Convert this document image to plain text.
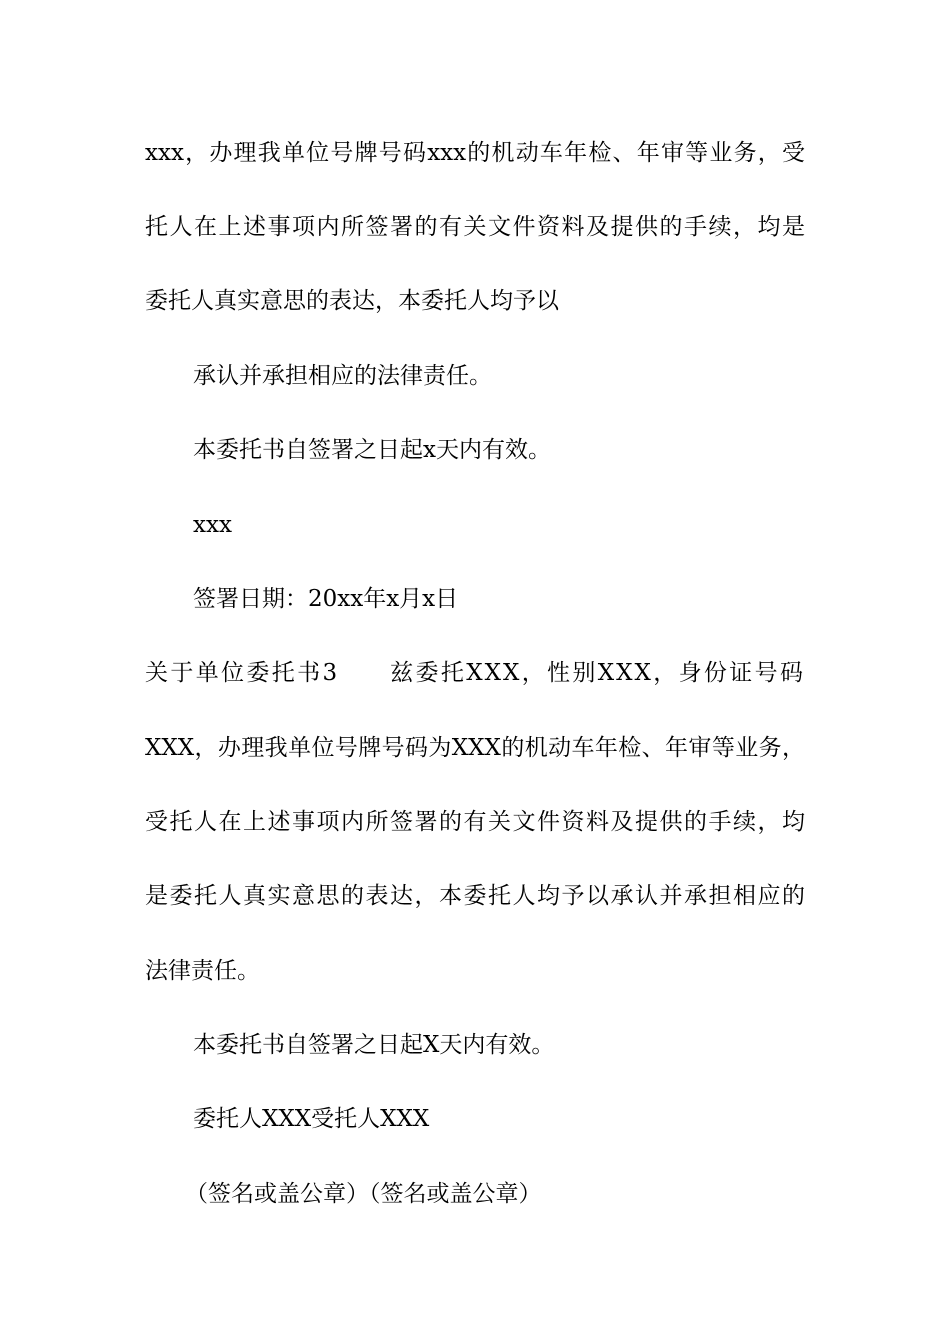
xxx，办理我单位号牌号码xxx的机动车年检、年审等业务，受
托人在上述事项内所签署的有关文件资料及提供的手续，均是
委托人真实意思的表达，本委托人均予以
承认并承担相应的法律责任。
本委托书自签署之日起x天内有效。
xxx
签署日期：20xx年x月x日
关于单位委托书3　　兹委托XXX，性别XXX，身份证号码
XXX，办理我单位号牌号码为XXX的机动车年检、年审等业务，
受托人在上述事项内所签署的有关文件资料及提供的手续，均
是委托人真实意思的表达，本委托人均予以承认并承担相应的
法律责任。
本委托书自签署之日起X天内有效。
委托人XXX受托人XXX
（签名或盖公章）（签名或盖公章）
